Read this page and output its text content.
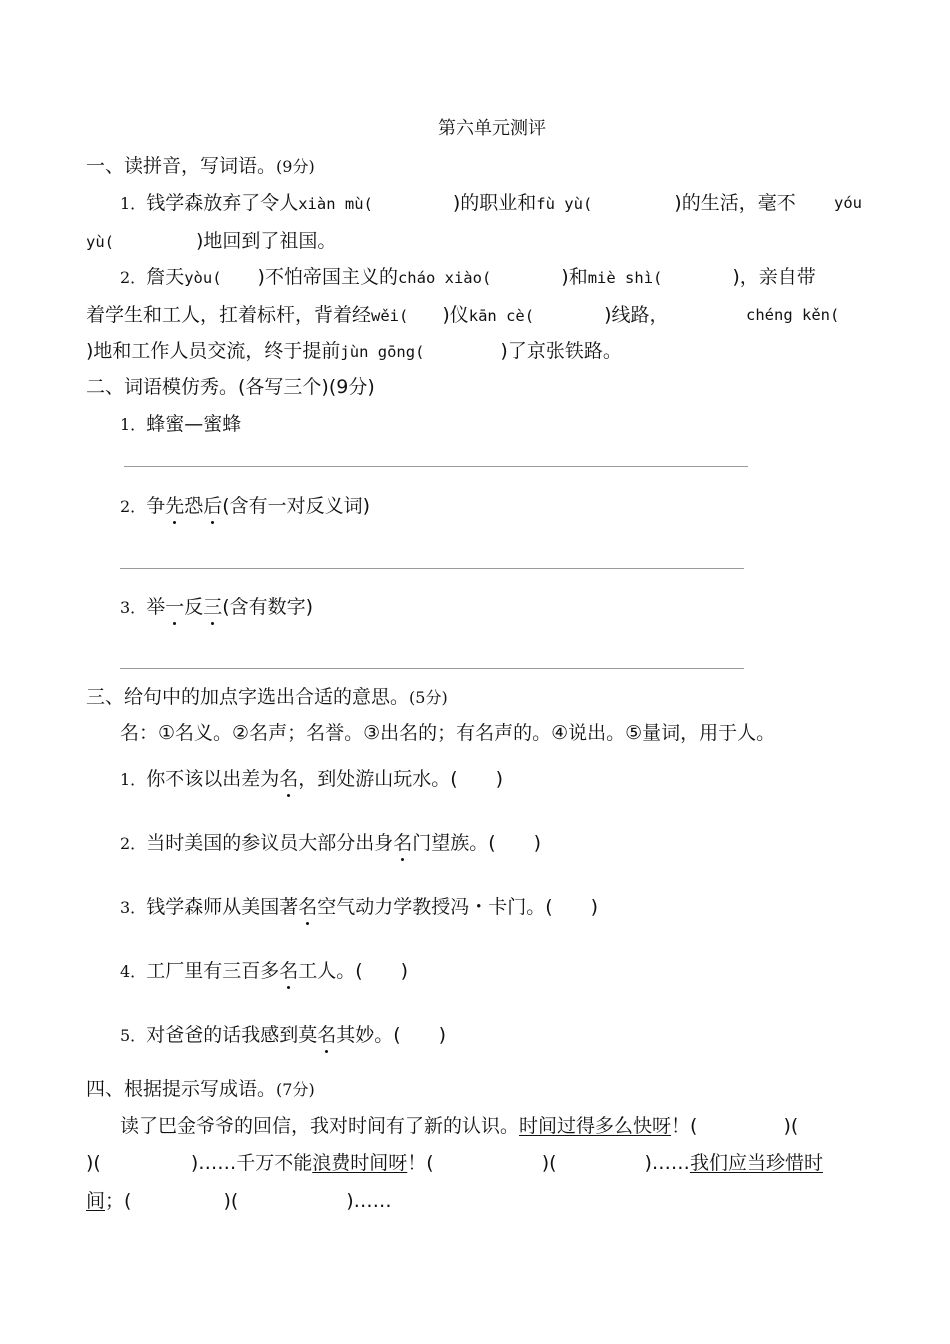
第六单元测评
一、读拼音，写词语。(9分)
1．钱学森放弃了令人xiàn mù(	)的职业和fù yù(	)的生活，毫不 yóu
yù(	)地回到了祖国。
2．詹天yòu( )不怕帝国主义的cháo xiào(	)和miè shì(	)，亲自带
着学生和工人，扛着标杆，背着经wěi( )仪kān cè(	)线路，	chéng kěn(
)地和工作人员交流，终于提前jùn gōng(	)了京张铁路。
二、词语模仿秀。(各写三个)(9分)
1．蜂蜜—蜜蜂
2．争先恐后(含有一对反义词)
3．举一反三(含有数字)
三、给句中的加点字选出合适的意思。(5分)
名：①名义。②名声；名誉。③出名的；有名声的。④说出。⑤量词，用于人。
1．你不该以出差为名，到处游山玩水。(　　)
2．当时美国的参议员大部分出身名门望族。(　　)
3．钱学森师从美国著名空气动力学教授冯・卡门。(　　)
4．工厂里有三百多名工人。(　　)
5．对爸爸的话我感到莫名其妙。(　　)
四、根据提示写成语。(7分)
读了巴金爷爷的回信，我对时间有了新的认识。时间过得多么快呀！(	)(
)(	)……千万不能浪费时间呀！(	)(	)……我们应当珍惜时
间；(	)(	)……
